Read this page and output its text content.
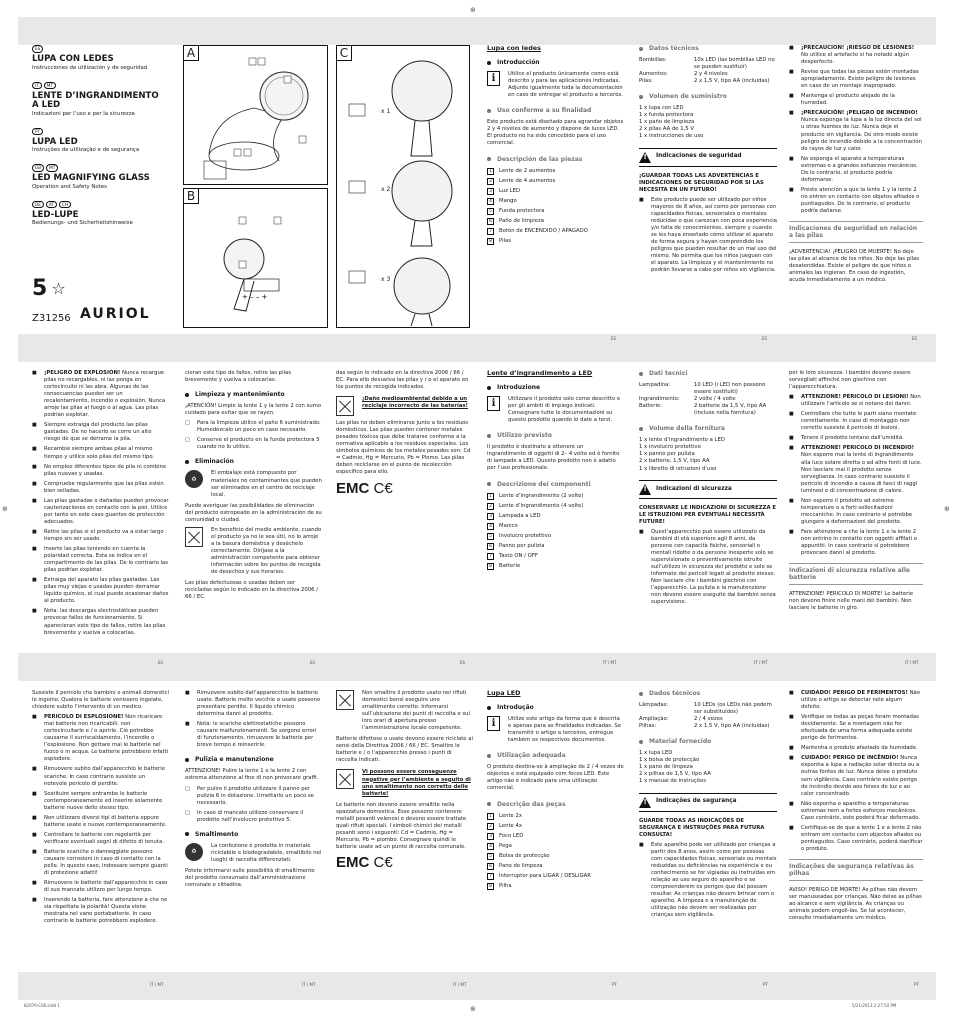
⊕
⊕
⊕	⊕
ES
LUPA CON LEDES
Instrucciones de utilización y de seguridad
IT MT
LENTE D’INGRANDIMENTO A LED
Indicazioni per l’uso e per la sicurezza
PT
LUPA LED
Instruções de utilização e de segurança
GB MT
LED MAGNIFYING GLASS
Operation and Safety Notes
DE AT CH
LED-LUPE
Bedienungs- und Sicherheitshinweise
5 ☆
Z31256 AURIOL
A
B
+ – – +
C
x 1
x 2
x 3
Lupa con ledes
Introducción
i	Utilice el producto únicamente como está descrito y para las aplicaciones indicadas. Adjunte igualmente toda la documentación en caso de entregar el producto a terceros.
Uso conforme a su finalidad

Este producto está diseñado para agrandar objetos 2 y 4 niveles de aumento y dispone de luces LED. El producto no ha sido concebido para el uso comercial.

Descripción de las piezas
1	Lente de 2 aumentos
2	Lente de 4 aumentos
3	Luz LED
4	Mango
5	Funda protectora
6	Paño de limpieza
7	Botón de ENCENDIDO / APAGADO
8	Pilas
Datos técnicos
Bombillas:	10x LED (las bombillas LED no se pueden sustituir)
Aumentos:	2 y 4 niveles
Pilas:	2 x 1,5 V, tipo AA (incluidas)
Volumen de suministro
1 x lupa con LED
1 x funda protectora
1 x paño de limpieza
2 x pilas AA de 1,5 V
1 x instrucciones de uso
!
Indicaciones de seguridad

¡GUARDAR TODAS LAS ADVERTENCIAS E INDICACIONES DE SEGURIDAD POR SI LAS NECESITA EN UN FUTURO!

■	Este producto puede ser utilizado por niños mayores de 8 años, así como por personas con capacidades físicas, sensoriales o mentales reducidas o que carezcan con poca experiencia y/o falta de conocimientos, siempre y cuando se les haya enseñado cómo utilizar el aparato de forma segura y hayan comprendido los peligros que pueden resultar de un mal uso del mismo. No permita que los niños jueguen con el aparato. La limpieza y el mantenimiento no podrán llevarse a cabo por niños sin vigilancia.
■	¡PRECAUCIÓN! ¡RIESGO DE LESIONES! No utilice el artefacto si ha notado algún desperfecto.
■	Revise que todas las piezas estén montadas apropiadamente. Existe peligro de lesiones en caso de un montaje inapropiado.
■	Mantenga el producto alejado de la humedad.
■	¡PRECAUCIÓN! ¡PELIGRO DE INCENDIO! Nunca exponga la lupa a la luz directa del sol u otras fuentes de luz. Nunca deje el producto sin vigilancia. De otro modo existe peligro de incendio debido a la concentración de rayos de luz y calor.
■	No exponga el aparato a temperaturas extremas o a grandes esfuerzos mecánicos. De lo contrario, el producto podría deformarse.
■	Preste atención a que la lente 1 y la lente 2 no entren en contacto con objetos afilados o puntiagudos. De lo contrario, el producto podría dañarse.
Indicaciones de seguridad en relación a las pilas

¡ADVERTENCIA! ¡PELIGRO DE MUERTE! No deje las pilas al alcance de los niños. No deje las pilas desatendidas. Existe el peligro de que niños o animales las ingieran. En caso de ingestión, acuda inmediatamente a un médico.

■	¡PELIGRO DE EXPLOSIÓN! Nunca recargue pilas no recargables, ni las ponga en cortocircuito ni las abra. Algunas de las consecuencias pueden ser un recalentamiento, incendio o explosión. Nunca arroje las pilas al fuego o al agua. Las pilas podrían explotar.
■	Siempre extraiga del producto las pilas gastadas. De no hacerlo se corre un alto riesgo de que se derrame la pila.
■	Recambie siempre ambas pilas al mismo tiempo y utilice solo pilas del mismo tipo.
■	No emplee diferentes tipos de pila ni combine pilas nuevas y usadas.
■	Compruebe regularmente que las pilas estén bien selladas.
■	Las pilas gastadas o dañadas pueden provocar cauterizaciones en contacto con la piel. Utilice por tanto en este caso guantes de protección adecuados.
■	Retire las pilas si el producto va a estar largo tiempo sin ser usado.
■	Inserte las pilas teniendo en cuenta la polaridad correcta. Esta se indica en el compartimento de las pilas. De lo contrario las pilas podrían explotar.
■	Extraiga del aparato las pilas gastadas. Las pilas muy viejas o usadas pueden derramar líquido químico, el cual puede ocasionar daños al producto.
■	Nota: las descargas electrostáticas pueden provocar fallos de funcionamiento. Si aparecieran este tipo de fallos, retire las pilas brevemente y vuelva a colocarlas.

cieran este tipo de fallos, retire las pilas brevemente y vuelva a colocarlas.

Limpieza y mantenimiento

¡ATENCIÓN! Limpie la lente 1 y la lente 2 con sumo cuidado para evitar que se rayen.

□	Para la limpieza utilice el paño 6 suministrado. Humedézcalo un poco en caso necesario.
□	Conserve el producto en la funda protectora 5 cuando no lo utilice.
Eliminación
♻
El embalaje está compuesto por materiales no contaminantes que pueden ser eliminados en el centro de reciclaje local.

Puede averiguar las posibilidades de eliminación del producto estropeado en la administración de su comunidad o ciudad.

En beneficio del medio ambiente, cuando el producto ya no le sea útil, no lo arroje a la basura doméstica y deséchelo correctamente. Diríjase a la administración competente para obtener información sobre los puntos de recogida de desechos y sus horarios.

Las pilas defectuosas o usadas deben ser recicladas según lo indicado en la directiva 2006 / 66 / EC.

das según lo indicado en la directiva 2006 / 66 / EC. Para ello devuelva las pilas y / o el aparato en los puntos de recogida indicados.

¡Daño medioambiental debido a un reciclaje incorrecto de las baterías!

Las pilas no deben eliminarse junto a los residuos domésticos. Las pilas pueden contener metales pesados tóxicos que debe tratarse conforme a la normativa aplicable a los residuos especiales. Los símbolos químicos de los metales pesados son: Cd = Cadmio, Hg = Mercurio, Pb = Plomo. Las pilas deben reciclarse en el punto de recolección específico para ello.

EMC C€
Lente d’ingrandimento a LED
Introduzione
i	Utilizzare il prodotto solo come descritto e per gli ambiti di impiego indicati. Consegnare tutte le documentazioni su questo prodotto quando lo date a terzi.
Utilizzo previsto

Il prodotto è destinato a ottenere un ingrandimento di oggetti di 2– 4 volte ed è fornito di lampade a LED. Questo prodotto non è adatto per l’uso professionale.

Descrizione dei componenti
1	Lente d’ingrandimento (2 volte)
2	Lente d’ingrandimento (4 volte)
3	Lampada a LED
4	Manico
5	Involucro protettivo
6	Panno per pulizia
7	Tasto ON / OFF
8	Batterie
Dati tecnici
Lampadina:	10 LED (i LED non possono essere sostituiti)
Ingrandimento:	2 volte / 4 volte
Batterie:	2 batterie da 1,5 V, tipo AA (incluse nella fornitura)
Volume della fornitura
1 x lente d’ingrandimento a LED
1 x involucro protettivo
1 x panno per pulizia
2 x batterie, 1,5 V, tipo AA
1 x libretto di istruzioni d’uso
!
Indicazioni di sicurezza

CONSERVARE LE INDICAZIONI DI SICUREZZA E LE ISTRUZIONI PER EVENTUALI NECESSITÀ FUTURE!

■	Quest’apparecchio può essere utilizzato da bambini di età superiore agli 8 anni, da persone con capacità fisiche, sensoriali o mentali ridotte o da persone inesperte solo se supervisionate o preventivamente istruite sull’utilizzo in sicurezza del prodotto e solo se informate dei pericoli legati al prodotto stesso. Non lasciare che i bambini giochino con l’apparecchio. La pulizia e la manutenzione non devono essere eseguite dai bambini senza supervisione.

per le loro sicurezza. I bambini devono essere sorvegliati affinché non giochino con l’apparecchiatura.

■	ATTENZIONE! PERICOLO DI LESIONI! Non utilizzare l’articolo se si notano dei danni.
■	Controllare che tutte le parti siano montate correttamente. In caso di montaggio non corretto sussiste il pericolo di lesioni.
■	Tenere il prodotto lontano dall’umidità.
■	ATTENZIONE! PERICOLO DI INCENDIO! Non esporre mai la lente di ingrandimento alla luce solare diretta o ad altre fonti di luce. Non lasciare mai il prodotto senza sorveglianza. In caso contrario sussiste il pericolo di incendio a causa di fasci di raggi luminosi e di concentrazione di calore.
■	Non esporre il prodotto ad estreme temperature o a forti sollecitazioni meccaniche. In caso contrario si potrebbe giungere a deformazioni del prodotto.
■	Fare attenzione a che la lente 1 e la lente 2 non entrino in contatto con oggetti affilati o appuntiti. In caso contrario si potrebbero provocare danni al prodotto.
Indicazioni di sicurezza relative alle batterie

ATTENZIONE! PERICOLO DI MORTE! Le batterie non devono finire nelle mani dei bambini. Non lasciare le batterie in giro.

Sussiste il pericolo che bambini o animali domestici le ingoino. Qualora le batterie venissero ingoiate, chiedere subito l’intervento di un medico.

■	PERICOLO DI ESPLOSIONE! Non ricaricare mai batterie non ricaricabili, non cortocircuitarle e / o aprirle. Ciò potrebbe causarne il surriscaldamento, l’incendio o l’esplosione. Non gettare mai le batterie nel fuoco o in acqua. Le batterie potrebbero infatti esplodere.
■	Rimuovere subito dall’apparecchio le batterie scariche. In caso contrario sussiste un notevole pericolo di perdite.
■	Sostituire sempre entrambe le batterie contemporaneamente ed inserire solamente batterie nuove dello stesso tipo.
■	Non utilizzare diversi tipi di batteria oppure batterie usate e nuove contemporaneamente.
■	Controllare le batterie con regolarità per verificare eventuali segni di difetto di tenuta.
■	Batterie scariche o danneggiate possono causare corrosioni in caso di contatto con la pelle. In questo caso, indossare sempre guanti di protezione adatti!
■	Rimuovere le batterie dall’apparecchio in caso di suo mancato utilizzo per lungo tempo.
■	Inserendo la batteria, fare attenzione a che ne sia rispettata la polarità! Questa viene mostrata nel vano portabatterie. In caso contrario le batterie potrebbero esplodere.
■	Rimuovere subito dall’apparecchio le batterie usate. Batterie molto vecchie o usate possono presentare perdite. Il liquido chimico determina danni al prodotto.
■	Nota: le scariche elettrostatiche possono causare malfunzionamenti. Se sorgono errori di funzionamento, rimuovere le batterie per breve tempo e reinserirle.
Pulizia e manutenzione

ATTENZIONE! Pulire la lente 1 e la lente 2 con estrema attenzione al fine di non provocare graffi.

□	Per pulire il prodotto utilizzare il panno per pulizia 6 in dotazione. Umettarlo un poco se necessario.
□	In caso di mancato utilizzo conservare il prodotto nell’involucro protettivo 5.
Smaltimento
♻
La confezione è prodotta in materiale riciclabile e biodegradabile, smaltibile nei luoghi di raccolta differenziati.

Potete informarvi sulle possibilità di smaltimento del prodotto consumato dall’amministrazione comunale e cittadina.

Non smaltire il prodotto usato nei rifiuti domestici bensì eseguire uno smaltimento corretto. Informarsi sull’ubicazione dei punti di raccolta e sui loro orari di apertura presso l’amministrazione locale competente.

Batterie difettose o usate devono essere riciclate ai sensi della Direttiva 2006 / 66 / EC. Smaltire le batterie e / o l’apparecchio presso i punti di raccolta indicati.

Vi possono essere conseguenze negative per l’ambiente a seguito di uno smaltimento non corretto delle batterie!

Le batterie non devono essere smaltite nella spazzatura domestica. Esse possono contenere metalli pesanti velenosi e devono essere trattate quali rifiuti speciali. I simboli chimici dei metalli pesanti sono i seguenti: Cd = Cadmio, Hg = Mercurio, Pb = piombo. Consegnare quindi le batterie usate ad un punto di raccolta comunale.

EMC C€
Lupa LED
Introdução
i	Utilize este artigo da forma que é descrita e apenas para as finalidades indicadas. Se transmitir o artigo a terceiros, entregue também os respectivos documentos.
Utilização adequada

O produto destina-se à ampliação de 2 / 4 vezes de objectos e está equipado com focos LED. Este artigo não é indicado para uma utilização comercial.

Descrição das peças
1	Lente 2x
2	Lente 4x
3	Foco LED
4	Pega
5	Bolsa de protecção
6	Pano de limpeza
7	Interruptor para LIGAR / DESLIGAR
8	Pilha
Dados técnicos
Lâmpadas:	10 LEDs (os LEDs não podem ser substituídos)
Ampliação:	2 / 4 vezes
Pilhas:	2 x 1,5 V, tipo AA (incluídas)
Material fornecido
1 x lupa LED
1 x bolsa de protecção
1 x pano de limpeza
2 x pilhas de 1,5 V, tipo AA
1 x manual de instruções
!
Indicações de segurança

GUARDE TODAS AS INDICAÇÕES DE SEGURANÇA E INSTRUÇÕES PARA FUTURA CONSULTA!

■	Este aparelho pode ser utilizado por crianças a partir dos 8 anos, assim como por pessoas com capacidades físicas, sensoriais ou mentais reduzidas ou deficiências na experiência e ou conhecimento se for vigiadas ou instruídas em relação ao uso seguro do aparelho e se compreenderem os perigos que daí possam resultar. As crianças não devem brincar com o aparelho. A limpeza e a manutenção de utilização não devem ser realizadas por crianças sem vigilância.
■	CUIDADO! PERIGO DE FERIMENTOS! Não utilize o artigo se detectar nele algum defeito.
■	Verifique se todas as peças foram montadas devidamente. Se a montagem não for efectuada de uma forma adequada existe perigo de ferimentos.
■	Mantenha o produto afastado da humidade.
■	CUIDADO! PERIGO DE INCÊNDIO! Nunca exponha a lupa a radiação solar directa ou a outras fontes de luz. Nunca deixe o produto sem vigilância. Caso contrário existe perigo de incêndio devido aos feixes de luz e ao calor concentrado.
■	Não exponha o aparelho a temperaturas extremas nem a fortes esforços mecânicos. Caso contrário, este poderá ficar deformado.
■	Certifique-se de que a lente 1 e a lente 2 não entram em contacto com objectos afiados ou pontiagudos. Caso contrário, poderá danificar o produto.
Indicações de segurança relativas às pilhas

AVISO! PERIGO DE MORTE! As pilhas não devem ser manuseadas por crianças. Não deixe as pilhas ao alcance e sem vigilância. As crianças ou animais podem engoli-las. Se tal acontecer, consulte imediatamente um médico.

ES	ES	ES
ES	ES	ES	IT / MT	IT / MT	IT / MT
IT / MT	IT / MT	IT / MT	PT	PT	PT
82079-C08.indd 1	5/31/2013 2:27:54 PM
